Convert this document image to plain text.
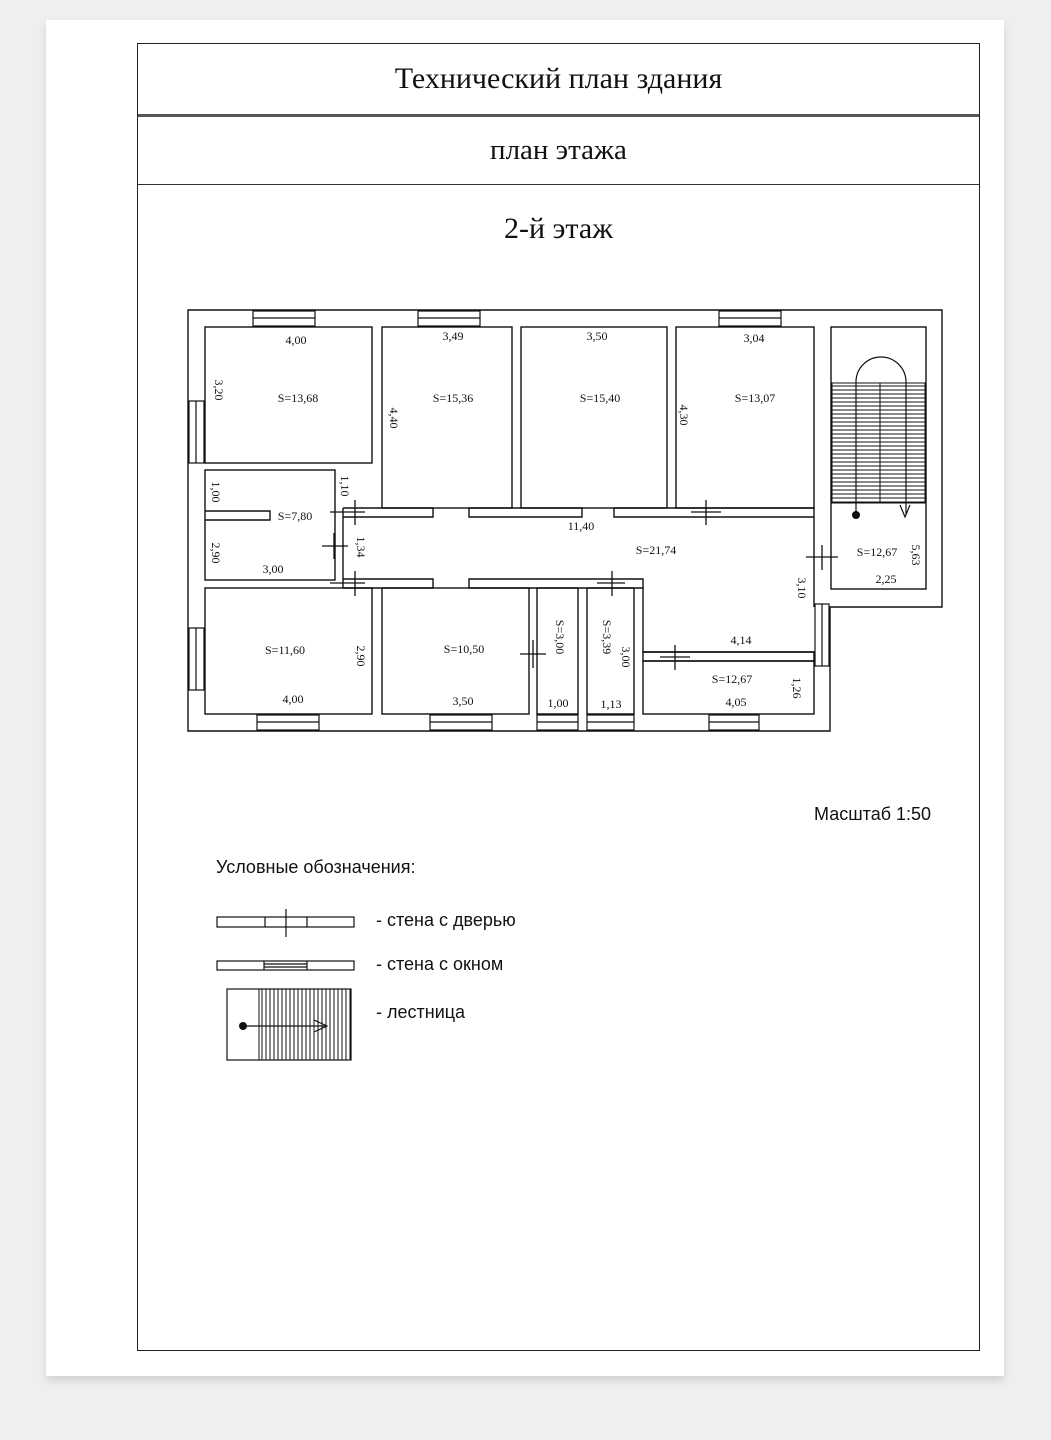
Технический план здания
план этажа
2-й этаж
4,00
S=13,68
3,20
3,49
S=15,36
4,40
3,50
S=15,40
3,04
S=13,07
4,30
1,00
S=7,80
2,90
3,00
1,10
11,40
S=21,74
1,34
3,10
4,14
S=12,67
2,25
5,63
S=11,60
4,00
2,90	S=10,50
3,50
S=3,00
1,00
S=3,39
3,00
1,13
S=12,67
4,05
1,26
Масштаб 1:50
Условные обозначения:
- стена с дверью
- стена с окном
- лестница
